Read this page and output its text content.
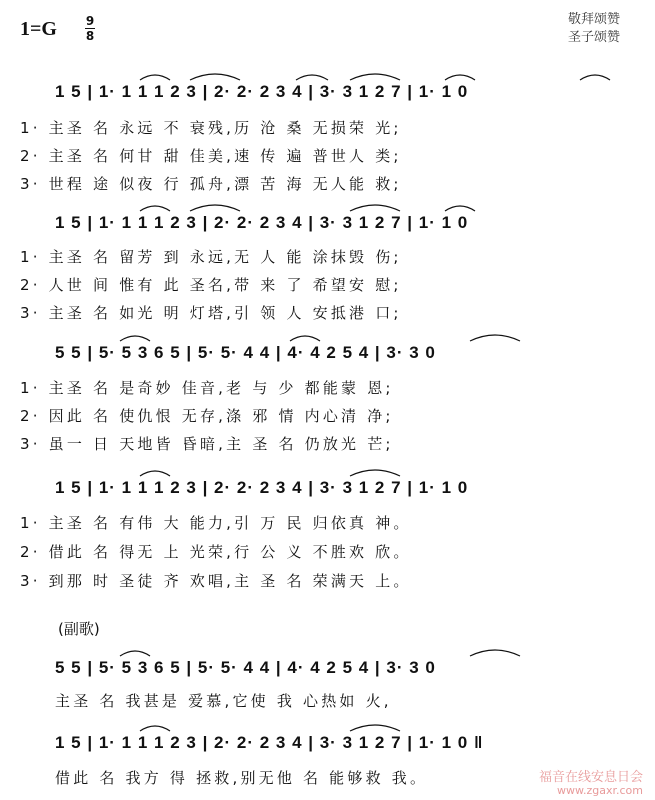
1=G 9
8
敬拜颂赞
圣子颂赞
1 5 | 1· 1 1 1 2 3 | 2· 2· 2 3 4 | 3· 3 1 2 7 | 1· 1 0
1· 主圣 名 永远 不 衰残,历 沧 桑 无损荣 光;
2· 主圣 名 何甘 甜 佳美,速 传 遍 普世人 类;
3· 世程 途 似夜 行 孤舟,漂 苦 海 无人能 救;
1 5 | 1· 1 1 1 2 3 | 2· 2· 2 3 4 | 3· 3 1 2 7 | 1· 1 0
1· 主圣 名 留芳 到 永远,无 人 能 涂抹毁 伤;
2· 人世 间 惟有 此 圣名,带 来 了 希望安 慰;
3· 主圣 名 如光 明 灯塔,引 领 人 安抵港 口;
5 5 | 5· 5 3 6 5 | 5· 5· 4 4 | 4· 4 2 5 4 | 3· 3 0
1· 主圣 名 是奇妙 佳音,老 与 少 都能蒙 恩;
2· 因此 名 使仇恨 无存,涤 邪 情 内心清 净;
3· 虽一 日 天地皆 昏暗,主 圣 名 仍放光 芒;
1 5 | 1· 1 1 1 2 3 | 2· 2· 2 3 4 | 3· 3 1 2 7 | 1· 1 0
1· 主圣 名 有伟 大 能力,引 万 民 归依真 神。
2· 借此 名 得无 上 光荣,行 公 义 不胜欢 欣。
3· 到那 时 圣徒 齐 欢唱,主 圣 名 荣满天 上。
(副歌)
5 5 | 5· 5 3 6 5 | 5· 5· 4 4 | 4· 4 2 5 4 | 3· 3 0
主圣 名 我甚是 爱慕,它使 我 心热如 火,
1 5 | 1· 1 1 1 2 3 | 2· 2· 2 3 4 | 3· 3 1 2 7 | 1· 1 0 ‖
借此 名 我方 得 拯救,别无他 名 能够救 我。	福音在线安息日会
www.zgaxr.com
